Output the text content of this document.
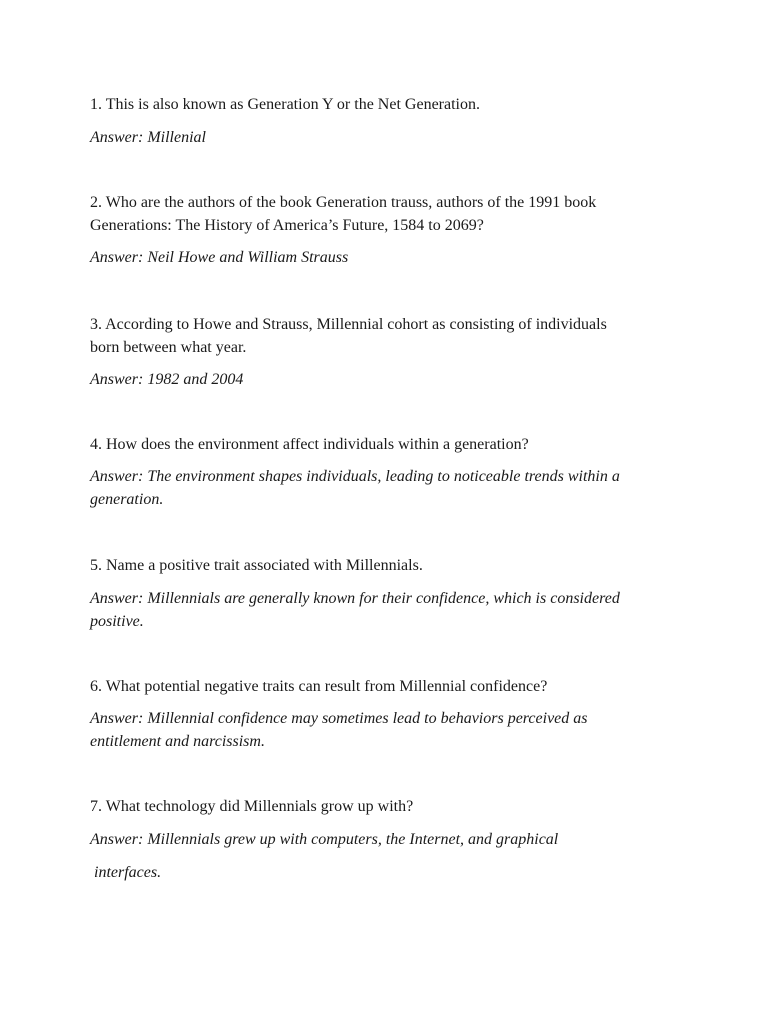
1. This is also known as Generation Y or the Net Generation.

Answer: Millenial

2. Who are the authors of the book Generation trauss, authors of the 1991 book
Generations: The History of America’s Future, 1584 to 2069?

Answer: Neil Howe and William Strauss

3. According to Howe and Strauss, Millennial cohort as consisting of individuals
born between what year.

Answer: 1982 and 2004

4. How does the environment affect individuals within a generation?

Answer: The environment shapes individuals, leading to noticeable trends within a
generation.

5. Name a positive trait associated with Millennials.

Answer: Millennials are generally known for their confidence, which is considered
positive.

6. What potential negative traits can result from Millennial confidence?

Answer: Millennial confidence may sometimes lead to behaviors perceived as
entitlement and narcissism.

7. What technology did Millennials grow up with?

Answer: Millennials grew up with computers, the Internet, and graphical

interfaces.
